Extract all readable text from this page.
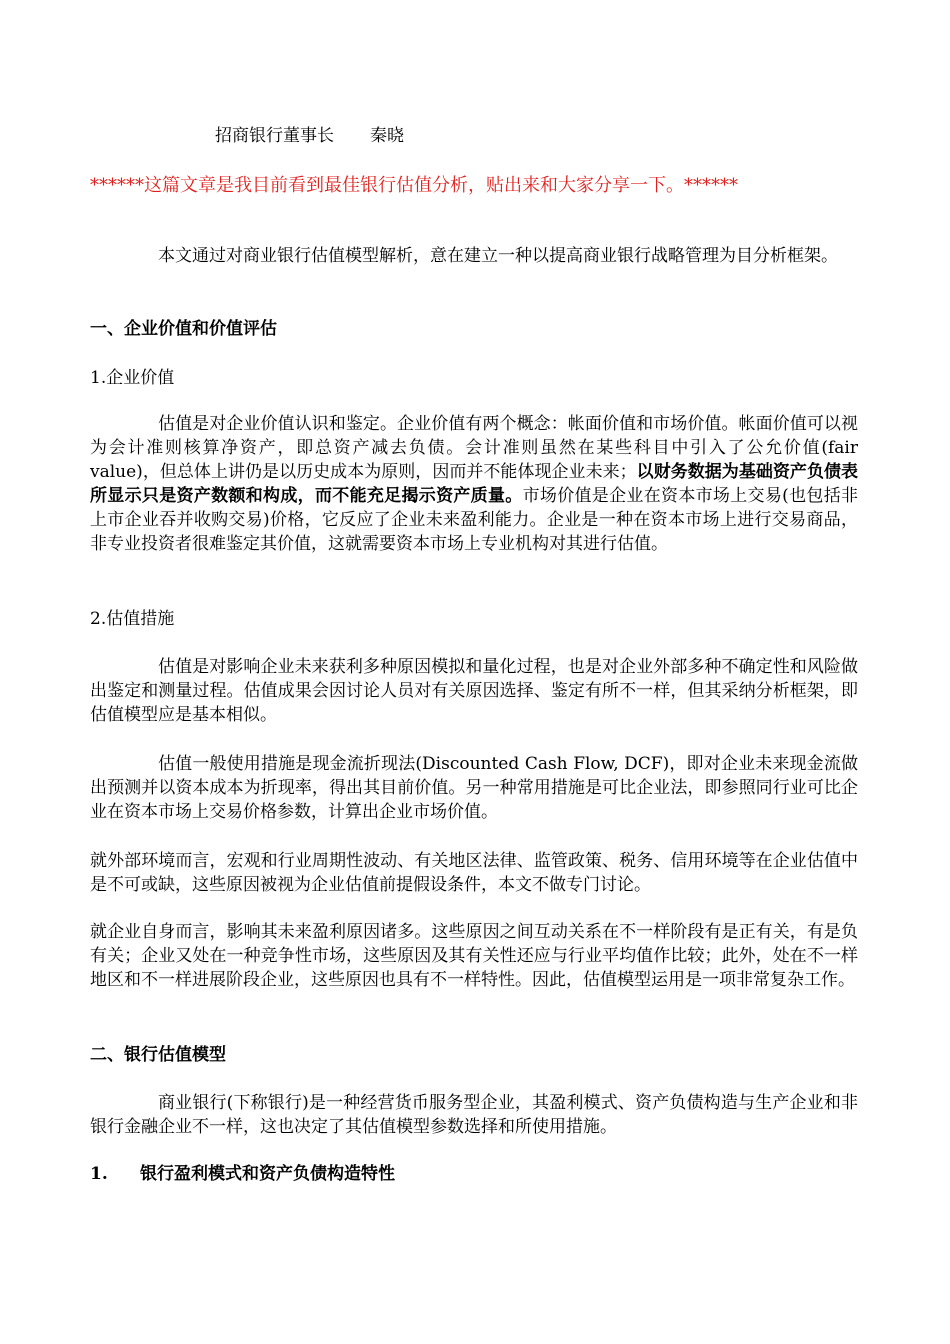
招商银行董事长 秦晓
******这篇文章是我目前看到最佳银行估值分析，贴出来和大家分享一下。******
本文通过对商业银行估值模型解析，意在建立一种以提高商业银行战略管理为目分析框架。
一、企业价值和价值评估
1.企业价值
估值是对企业价值认识和鉴定。企业价值有两个概念：帐面价值和市场价值。帐面价值可以视为会计准则核算净资产，即总资产减去负债。会计准则虽然在某些科目中引入了公允价值(fair value)，但总体上讲仍是以历史成本为原则，因而并不能体现企业未来；以财务数据为基础资产负债表所显示只是资产数额和构成，而不能充足揭示资产质量。市场价值是企业在资本市场上交易(也包括非上市企业吞并收购交易)价格，它反应了企业未来盈利能力。企业是一种在资本市场上进行交易商品，非专业投资者很难鉴定其价值，这就需要资本市场上专业机构对其进行估值。
2.估值措施
估值是对影响企业未来获利多种原因模拟和量化过程，也是对企业外部多种不确定性和风险做出鉴定和测量过程。估值成果会因讨论人员对有关原因选择、鉴定有所不一样，但其采纳分析框架，即估值模型应是基本相似。
估值一般使用措施是现金流折现法(Discounted Cash Flow, DCF)，即对企业未来现金流做出预测并以资本成本为折现率，得出其目前价值。另一种常用措施是可比企业法，即参照同行业可比企业在资本市场上交易价格参数，计算出企业市场价值。
就外部环境而言，宏观和行业周期性波动、有关地区法律、监管政策、税务、信用环境等在企业估值中是不可或缺，这些原因被视为企业估值前提假设条件，本文不做专门讨论。
就企业自身而言，影响其未来盈利原因诸多。这些原因之间互动关系在不一样阶段有是正有关，有是负有关；企业又处在一种竞争性市场，这些原因及其有关性还应与行业平均值作比较；此外，处在不一样地区和不一样进展阶段企业，这些原因也具有不一样特性。因此，估值模型运用是一项非常复杂工作。
二、银行估值模型
商业银行(下称银行)是一种经营货币服务型企业，其盈利模式、资产负债构造与生产企业和非银行金融企业不一样，这也决定了其估值模型参数选择和所使用措施。
1. 银行盈利模式和资产负债构造特性
